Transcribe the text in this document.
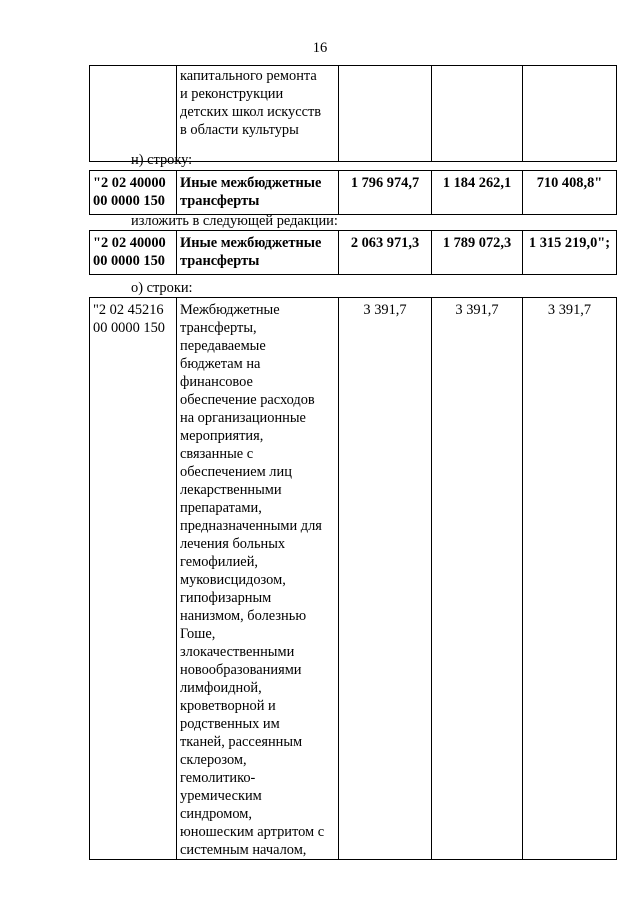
16
	капитального ремонта
и реконструкции
детских школ искусств
в области культуры			
н) строку:
"2 02 40000
00 0000 150	Иные межбюджетные
трансферты	1 796 974,7	1 184 262,1	710 408,8"
изложить в следующей редакции:
"2 02 40000
00 0000 150	Иные межбюджетные
трансферты	2 063 971,3	1 789 072,3	1 315 219,0";
о) строки:
"2 02 45216
00 0000 150	Межбюджетные
трансферты,
передаваемые
бюджетам на
финансовое
обеспечение расходов
на организационные
мероприятия,
связанные с
обеспечением лиц
лекарственными
препаратами,
предназначенными для
лечения больных
гемофилией,
муковисцидозом,
гипофизарным
нанизмом, болезнью
Гоше,
злокачественными
новообразованиями
лимфоидной,
кроветворной и
родственных им
тканей, рассеянным
склерозом,
гемолитико-
уремическим
синдромом,
юношеским артритом с
системным началом,	3 391,7	3 391,7	3 391,7
